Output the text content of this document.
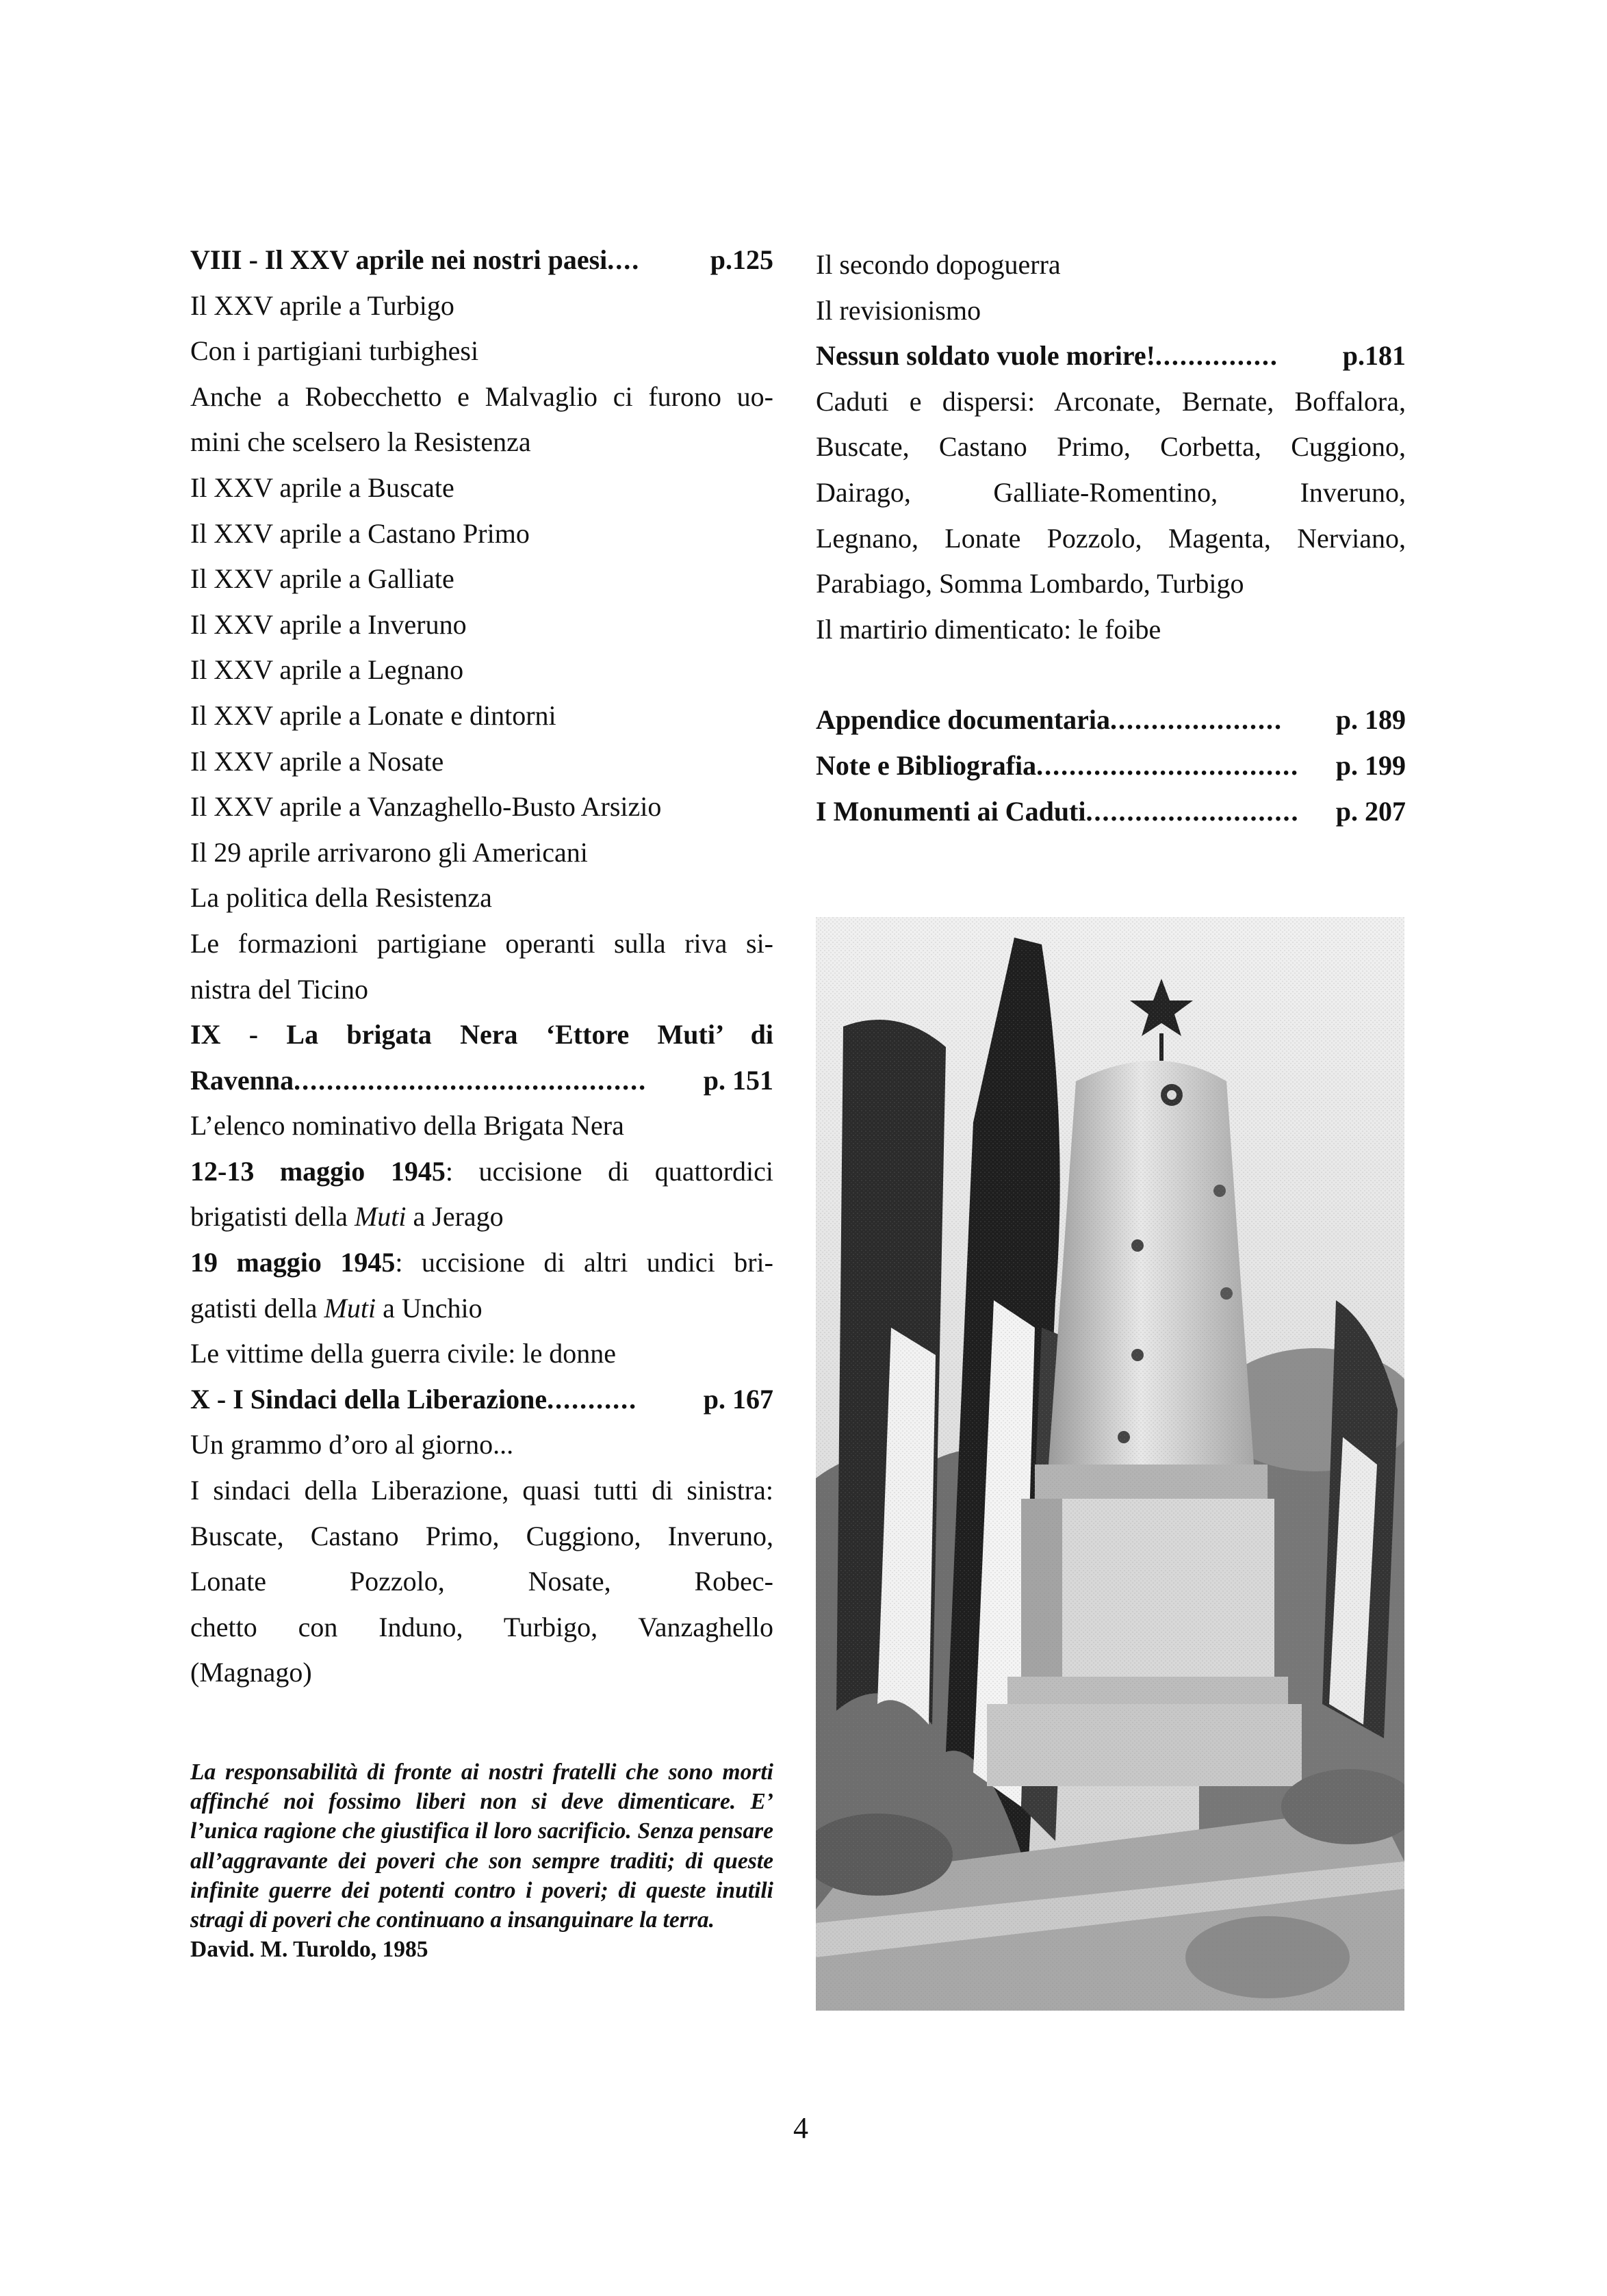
VIII - Il XXV aprile nei nostri paesi ....	p.125
Il XXV aprile a Turbigo
Con i partigiani turbighesi
Anche a Robecchetto e Malvaglio ci furono uo-
mini che scelsero la Resistenza
Il XXV aprile a Buscate
Il XXV aprile a Castano Primo
Il XXV aprile a Galliate
Il XXV aprile a Inveruno
Il XXV aprile a Legnano
Il XXV aprile a Lonate e dintorni
Il XXV aprile a Nosate
Il XXV aprile a Vanzaghello-Busto Arsizio
Il 29 aprile arrivarono gli Americani
La politica della Resistenza
Le formazioni partigiane operanti sulla riva si-
nistra del Ticino
IX - La brigata Nera ‘Ettore Muti’ di
Ravenna ...........................................	p. 151
L’elenco nominativo della Brigata Nera
12-13 maggio 1945: uccisione di quattordici
brigatisti della Muti a Jerago
19 maggio 1945: uccisione di altri undici bri-
gatisti della Muti a Unchio
Le vittime della guerra civile: le donne
X - I Sindaci della Liberazione ...........	p. 167
Un grammo d’oro al giorno...
I sindaci della Liberazione, quasi tutti di sinistra:
Buscate, Castano Primo, Cuggiono, Inveruno,
Lonate Pozzolo, Nosate, Robec-
chetto con Induno, Turbigo, Vanzaghello
(Magnago)
Il secondo dopoguerra
Il revisionismo
Nessun soldato vuole morire! ...............	p.181
Caduti e dispersi: Arconate, Bernate, Boffalora,
Buscate, Castano Primo, Corbetta, Cuggiono,
Dairago, Galliate-Romentino, Inveruno,
Legnano, Lonate Pozzolo, Magenta, Nerviano,
Parabiago, Somma Lombardo, Turbigo
Il martirio dimenticato: le foibe
Appendice documentaria .....................	p. 189
Note e Bibliografia ................................	p. 199
I Monumenti ai Caduti ..........................	p. 207
La responsabilità di fronte ai nostri fratelli che sono morti affinché noi fossimo liberi non si deve dimenticare. E’ l’unica ragione che giustifica il loro sacrificio. Senza pensare all’aggravante dei poveri che son sempre traditi; di queste infinite guerre dei potenti contro i poveri; di queste inutili stragi di poveri che continuano a insanguinare la terra.
David. M. Turoldo, 1985
4
